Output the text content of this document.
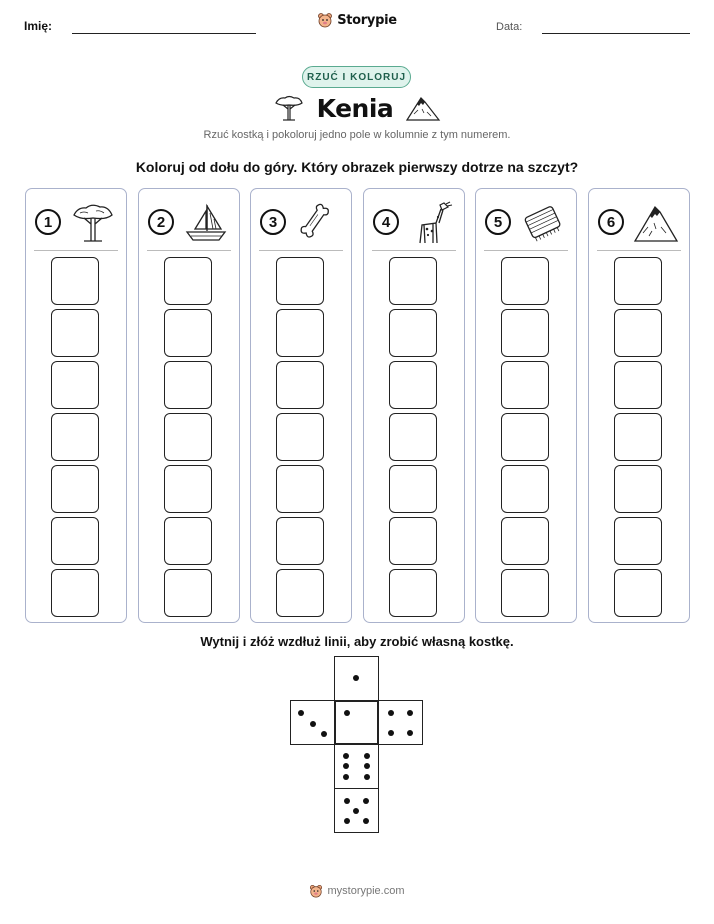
Imię:	Storypie	Data:
RZUĆ I KOLORUJ
Kenia
Rzuć kostką i pokoloruj jedno pole w kolumnie z tym numerem.
Koloruj od dołu do góry. Który obrazek pierwszy dotrze na szczyt?
1	2	3	4	5	6
Wytnij i złóż wzdłuż linii, aby zrobić własną kostkę.
mystorypie.com
